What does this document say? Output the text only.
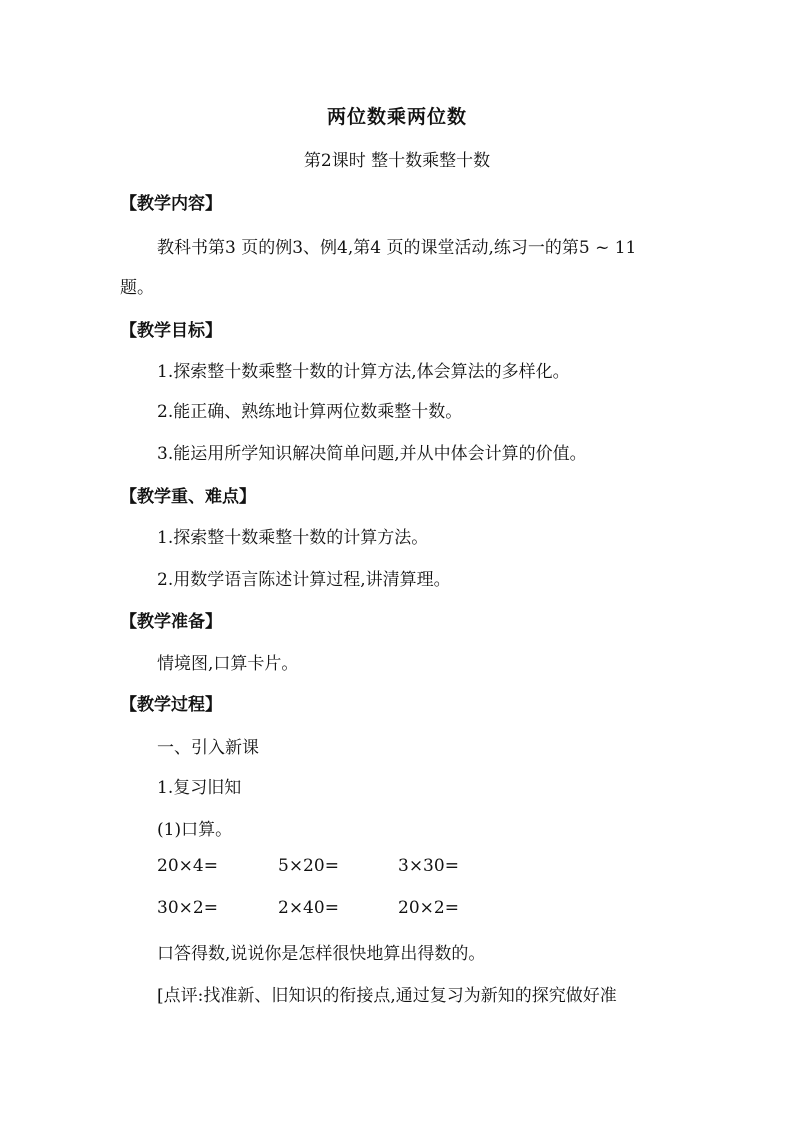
两位数乘两位数
第2课时 整十数乘整十数
【教学内容】
教科书第3 页的例3、例4,第4 页的课堂活动,练习一的第5 ~ 11
题。
【教学目标】
1.探索整十数乘整十数的计算方法,体会算法的多样化。
2.能正确、熟练地计算两位数乘整十数。
3.能运用所学知识解决简单问题,并从中体会计算的价值。
【教学重、难点】
1.探索整十数乘整十数的计算方法。
2.用数学语言陈述计算过程,讲清算理。
【教学准备】
情境图,口算卡片。
【教学过程】
一、引入新课
1.复习旧知
(1)口算。
20×4=	5×20=	3×30=
30×2=	2×40=	20×2=
口答得数,说说你是怎样很快地算出得数的。
[点评:找准新、旧知识的衔接点,通过复习为新知的探究做好准
